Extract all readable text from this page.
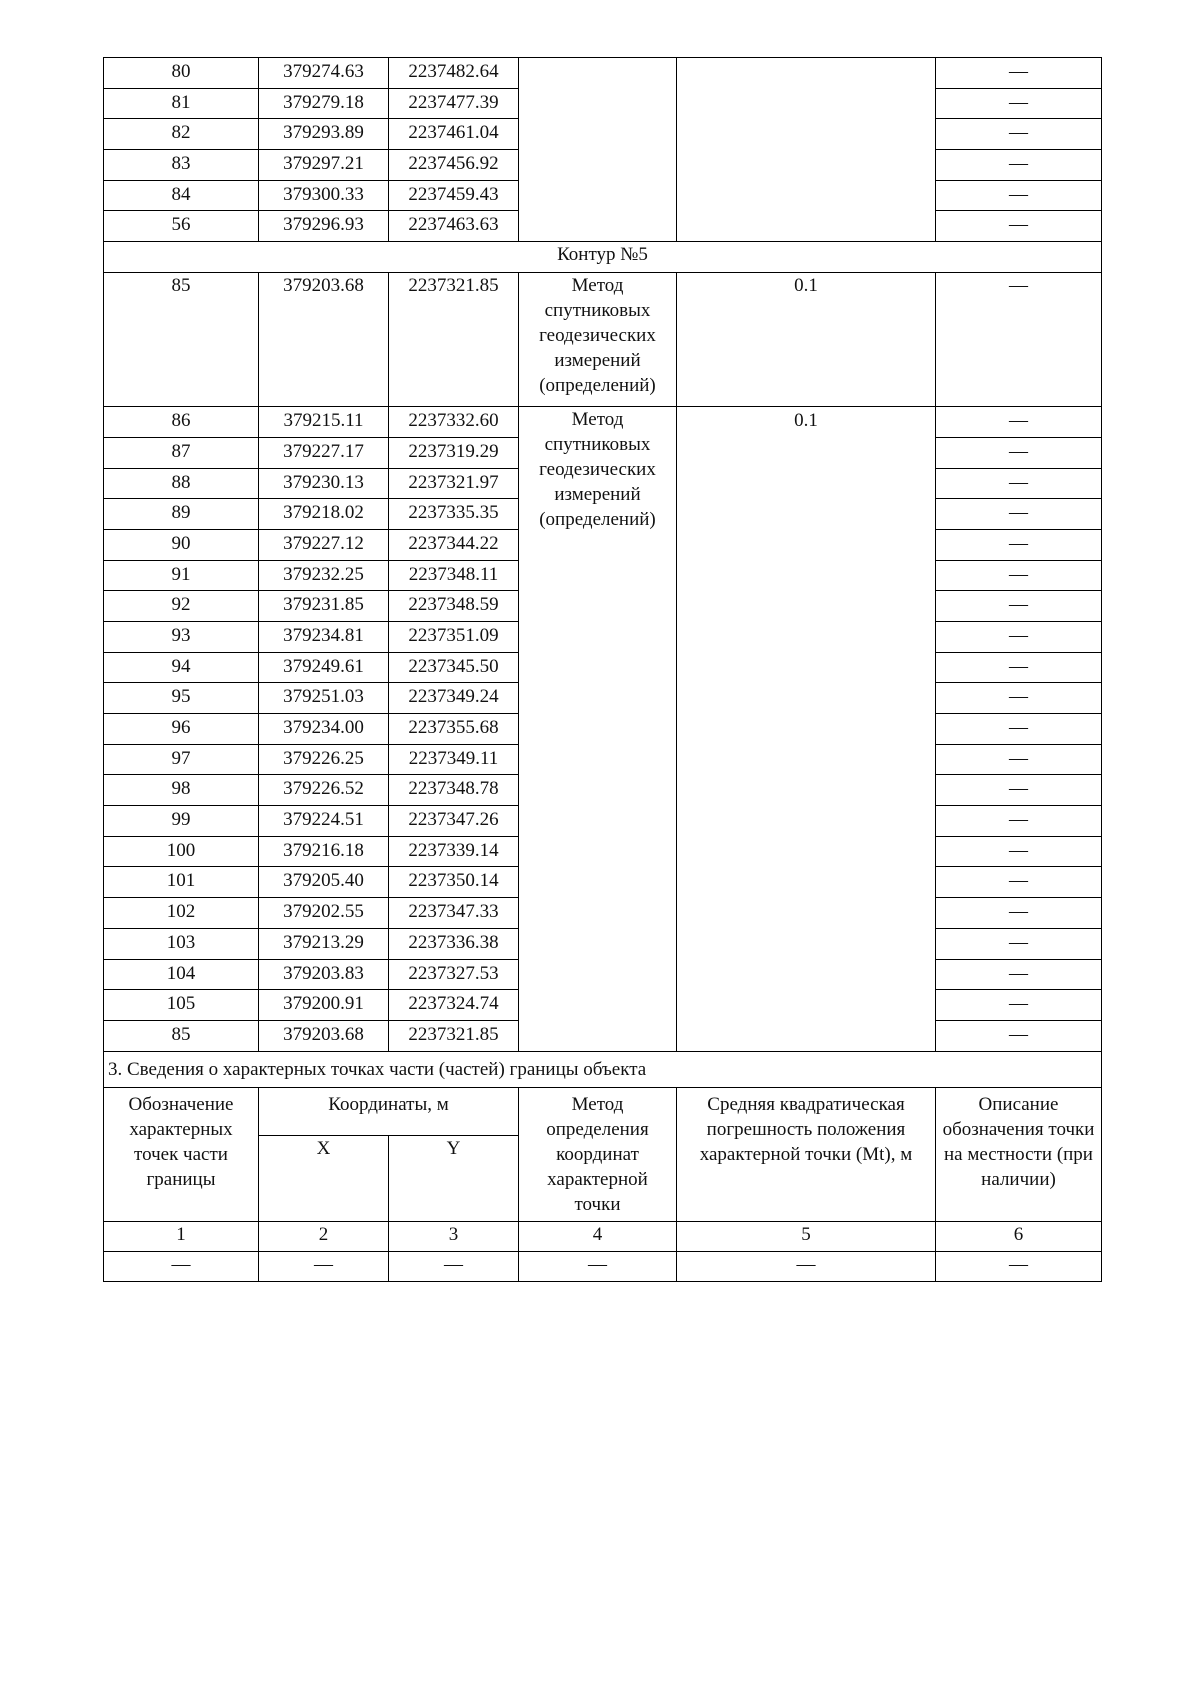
80	379274.63	2237482.64			—
81	379279.18	2237477.39			—
82	379293.89	2237461.04			—
83	379297.21	2237456.92			—
84	379300.33	2237459.43			—
56	379296.93	2237463.63			—
Контур №5					
85	379203.68	2237321.85	Метод спутниковых геодезических измерений (определений)	0.1	—
86	379215.11	2237332.60	Метод спутниковых геодезических измерений (определений)	0.1	—
87	379227.17	2237319.29			—
88	379230.13	2237321.97			—
89	379218.02	2237335.35			—
90	379227.12	2237344.22			—
91	379232.25	2237348.11			—
92	379231.85	2237348.59			—
93	379234.81	2237351.09			—
94	379249.61	2237345.50			—
95	379251.03	2237349.24			—
96	379234.00	2237355.68			—
97	379226.25	2237349.11			—
98	379226.52	2237348.78			—
99	379224.51	2237347.26			—
100	379216.18	2237339.14			—
101	379205.40	2237350.14			—
102	379202.55	2237347.33			—
103	379213.29	2237336.38			—
104	379203.83	2237327.53			—
105	379200.91	2237324.74			—
85	379203.68	2237321.85			—
3. Сведения о характерных точках части (частей) границы объекта					
Обозначение характерных точек части границы	Координаты, м		Метод определения координат характерной точки	Средняя квадратическая погрешность положения характерной точки (Mt), м	Описание обозначения точки на местности (при наличии)
	X	Y			
1	2	3	4	5	6
—	—	—	—	—	—
